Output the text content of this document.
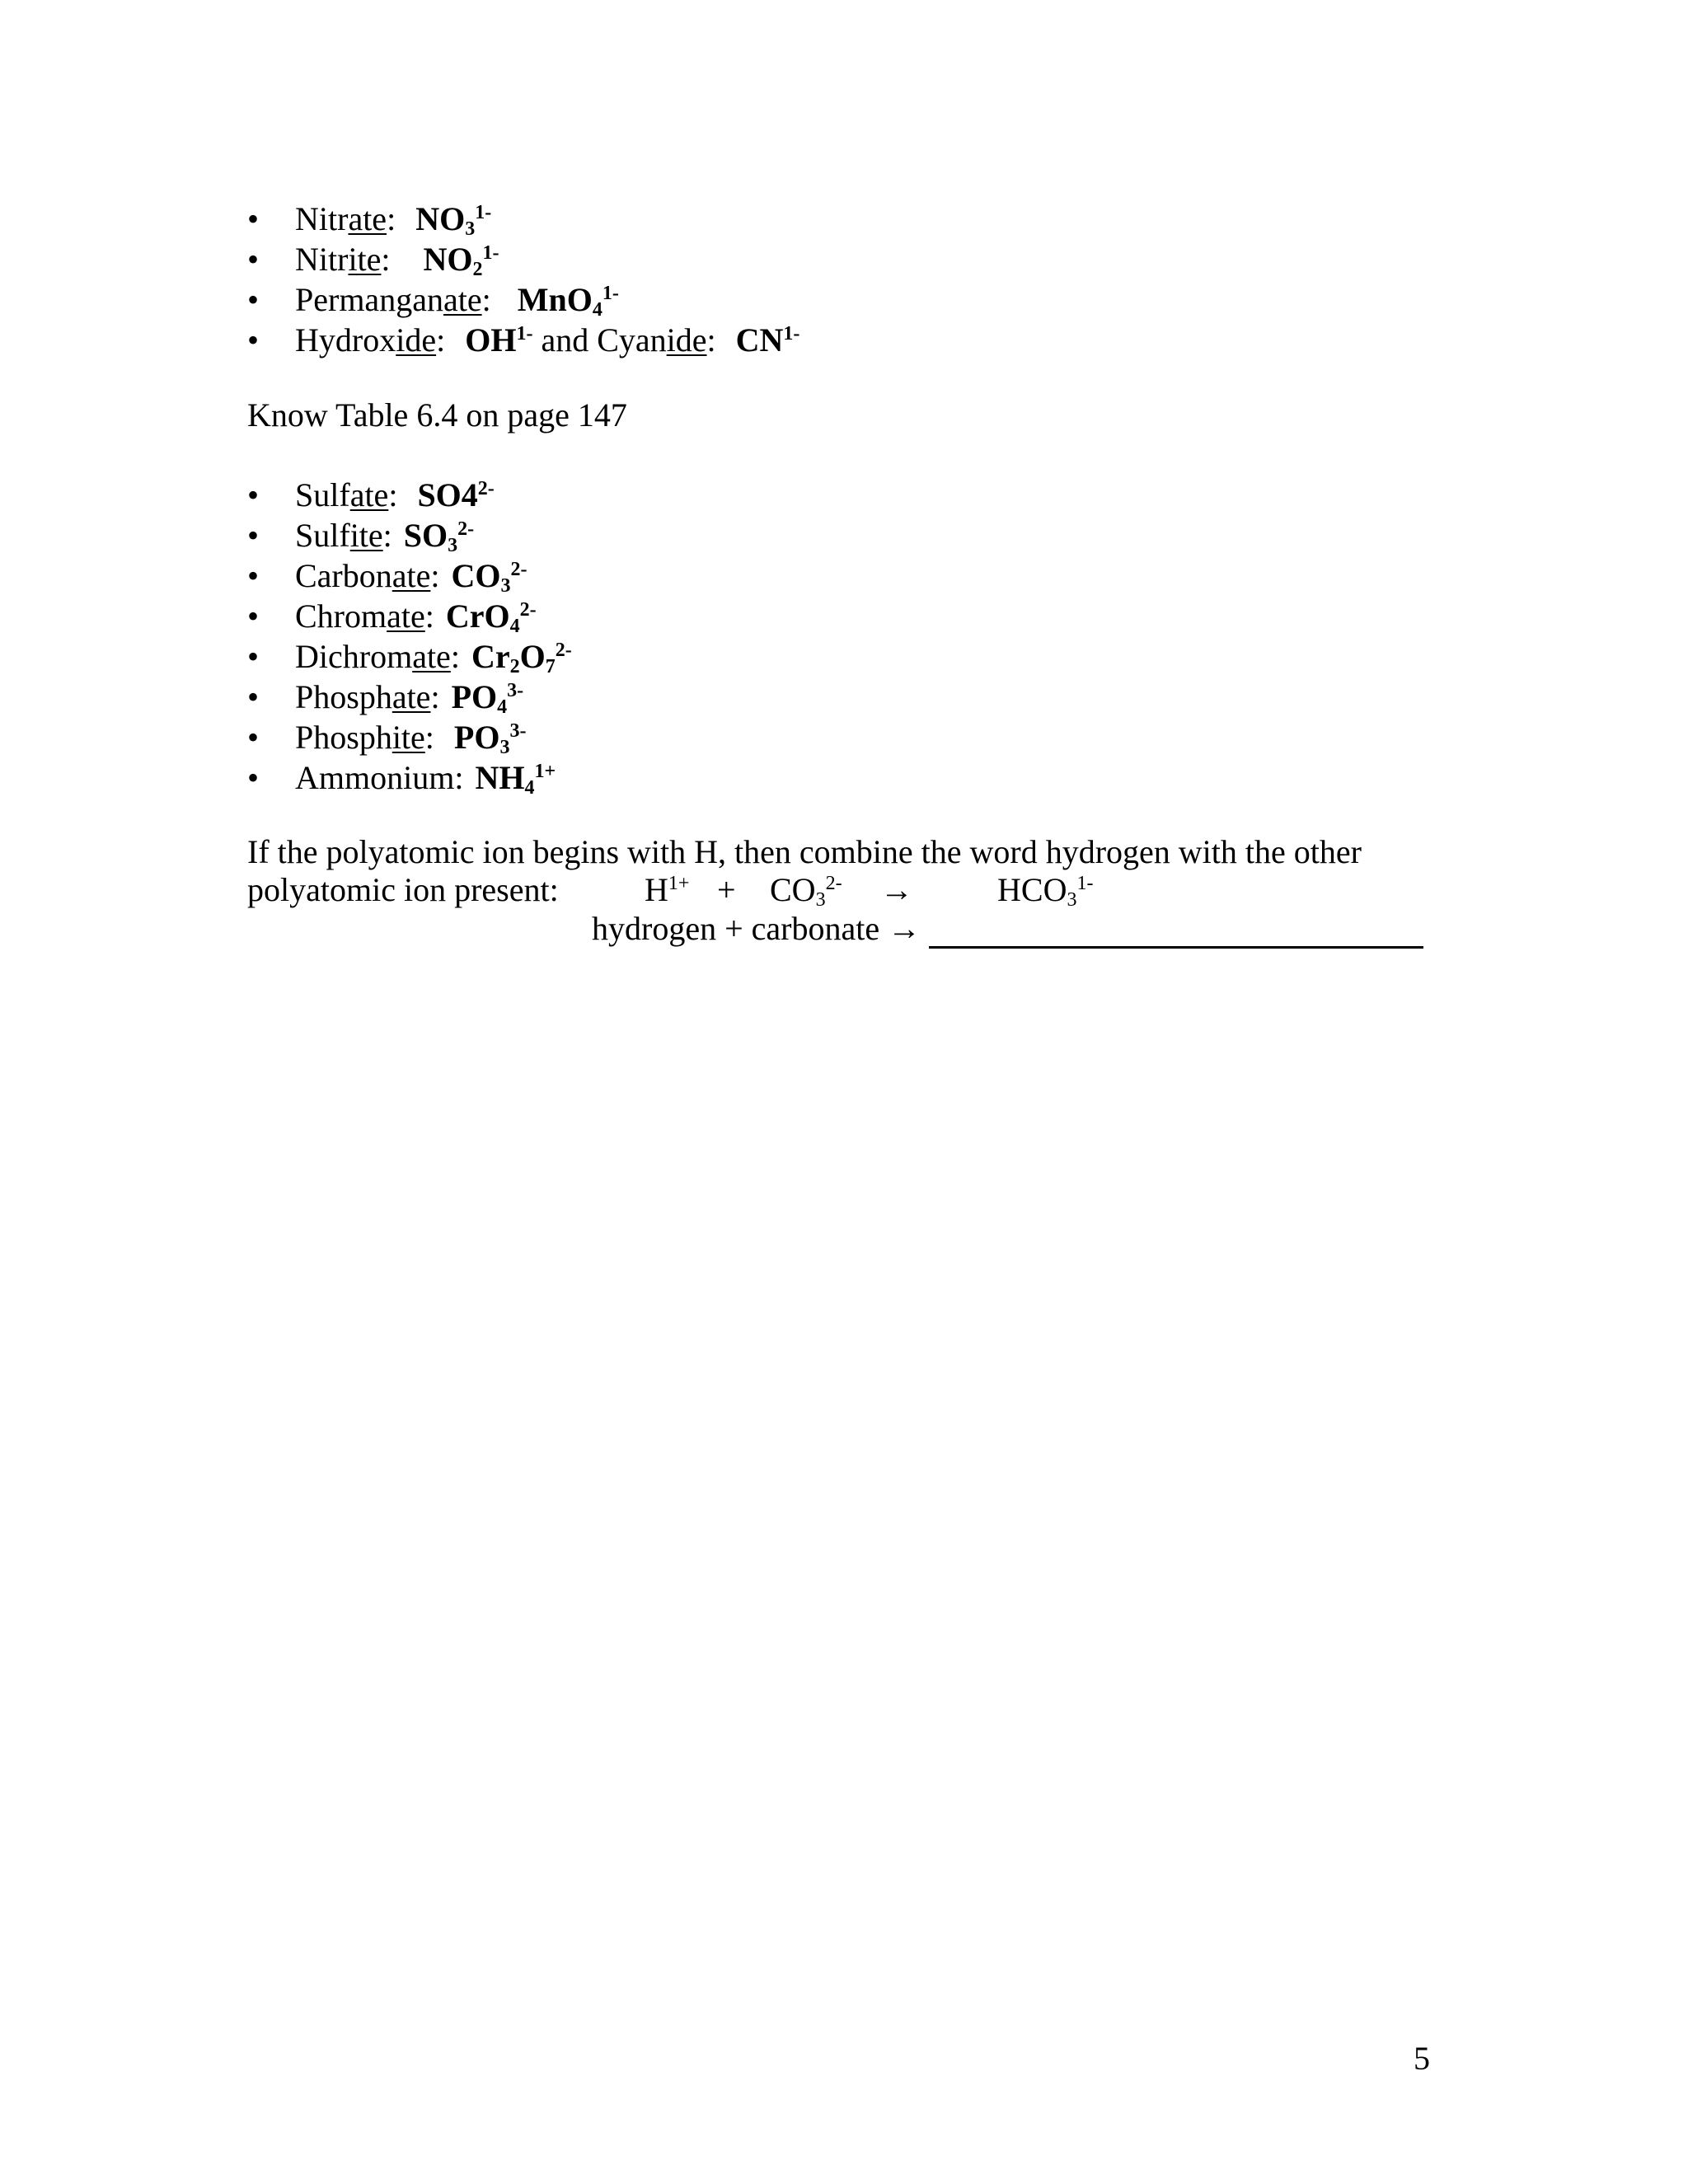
• Nitrate: $NO_3^{1-}$
• Nitrite: $NO_2^{1-}$
• Permanganate: MnO$_4^{1-}$
• Hydroxide: $OH^{1-}$ and Cyanide: $CN^{1-}$
Know Table 6.4 on page 147
• Sulfate: $SO4^{2-}$
• Sulfite: $SO_3^{2-}$
• Carbonate: $CO_3^{2-}$
• Chromate: CrO$_4^{2-}$
• Dichromate: $Cr_2O_7^{2-}$
• Phosphate: $PO_4^{3-}$
• Phosphite: $PO_3^{3-}$
• Ammonium: $NH_4^{1+}$
If the polyatomic ion begins with H, then combine the word hydrogen with the other
polyatomic ion present:	$H^{1+} + CO_3^{2-}$ →	$HCO_3^{1-}$
hydrogen + carbonate →
5
